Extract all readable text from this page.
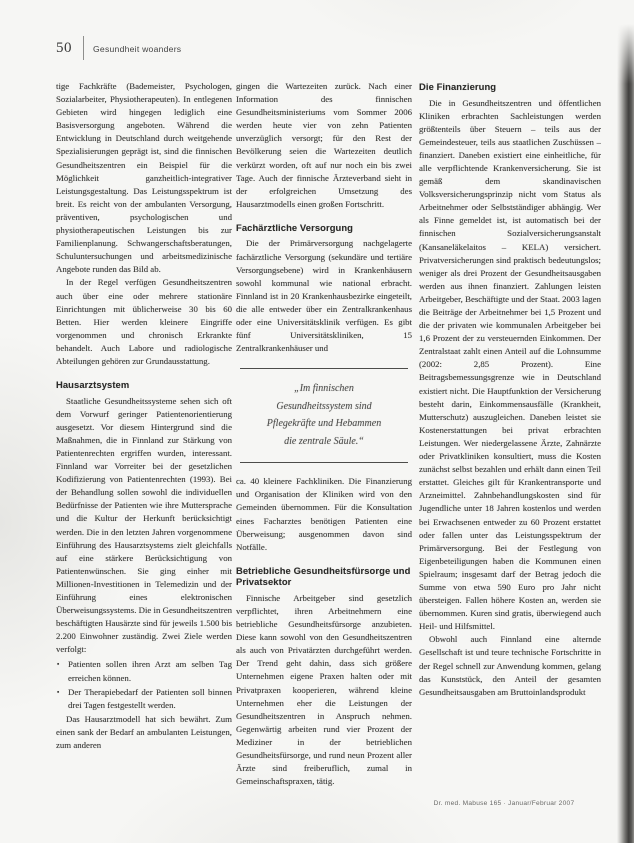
50 Gesundheit woanders

tige Fachkräfte (Bademeister, Psychologen, Sozialarbeiter, Physiotherapeuten). In entlegenen Gebieten wird hingegen lediglich eine Basisversorgung angeboten. Während die Entwicklung in Deutschland durch weitgehende Spezialisierungen geprägt ist, sind die finnischen Gesundheitszentren ein Beispiel für die Möglichkeit ganzheitlich-integrativer Leistungsgestaltung. Das Leistungsspektrum ist breit. Es reicht von der ambulanten Versorgung, präventiven, psychologischen und physiotherapeutischen Leistungen bis zur Familienplanung. Schwangerschaftsberatungen, Schuluntersuchungen und arbeitsmedizinische Angebote runden das Bild ab.

In der Regel verfügen Gesundheitszentren auch über eine oder mehrere stationäre Einrichtungen mit üblicherweise 30 bis 60 Betten. Hier werden kleinere Eingriffe vorgenommen und chronisch Erkrankte behandelt. Auch Labore und radiologische Abteilungen gehören zur Grundausstattung.

Hausarztsystem

Staatliche Gesundheitssysteme sehen sich oft dem Vorwurf geringer Patientenorientierung ausgesetzt. Vor diesem Hintergrund sind die Maßnahmen, die in Finnland zur Stärkung von Patientenrechten ergriffen wurden, interessant. Finnland war Vorreiter bei der gesetzlichen Kodifizierung von Patientenrechten (1993). Bei der Behandlung sollen sowohl die individuellen Bedürfnisse der Patienten wie ihre Muttersprache und die Kultur der Herkunft berücksichtigt werden. Die in den letzten Jahren vorgenommene Einführung des Hausarztsystems zielt gleichfalls auf eine stärkere Berücksichtigung von Patientenwünschen. Sie ging einher mit Millionen-Investitionen in Telemedizin und der Einführung eines elektronischen Überweisungssystems. Die in Gesundheitszentren beschäftigten Hausärzte sind für jeweils 1.500 bis 2.200 Einwohner zuständig. Zwei Ziele werden verfolgt:

▪ Patienten sollen ihren Arzt am selben Tag erreichen können.
▪ Der Therapiebedarf der Patienten soll binnen drei Tagen festgestellt werden.

Das Hausarztmodell hat sich bewährt. Zum einen sank der Bedarf an ambulanten Leistungen, zum anderen

gingen die Wartezeiten zurück. Nach einer Information des finnischen Gesundheitsministeriums vom Sommer 2006 werden heute vier von zehn Patienten unverzüglich versorgt; für den Rest der Bevölkerung seien die Wartezeiten deutlich verkürzt worden, oft auf nur noch ein bis zwei Tage. Auch der finnische Ärzteverband sieht in der erfolgreichen Umsetzung des Hausarztmodells einen großen Fortschritt.

Fachärztliche Versorgung

Die der Primärversorgung nachgelagerte fachärztliche Versorgung (sekundäre und tertiäre Versorgungsebene) wird in Krankenhäusern sowohl kommunal wie national erbracht. Finnland ist in 20 Krankenhausbezirke eingeteilt, die alle entweder über ein Zentralkrankenhaus oder eine Universitätsklinik verfügen. Es gibt fünf Universitätskliniken, 15 Zentralkrankenhäuser und

„Im finnischen
Gesundheitssystem sind
Pflegekräfte und Hebammen
die zentrale Säule.“

ca. 40 kleinere Fachkliniken. Die Finanzierung und Organisation der Kliniken wird von den Gemeinden übernommen. Für die Konsultation eines Facharztes benötigen Patienten eine Überweisung; ausgenommen davon sind Notfälle.

Betriebliche Gesundheitsfürsorge und Privatsektor

Finnische Arbeitgeber sind gesetzlich verpflichtet, ihren Arbeitnehmern eine betriebliche Gesundheitsfürsorge anzubieten. Diese kann sowohl von den Gesundheitszentren als auch von Privatärzten durchgeführt werden. Der Trend geht dahin, dass sich größere Unternehmen eigene Praxen halten oder mit Privatpraxen kooperieren, während kleine Unternehmen eher die Leistungen der Gesundheitszentren in Anspruch nehmen. Gegenwärtig arbeiten rund vier Prozent der Mediziner in der betrieblichen Gesundheitsfürsorge, und rund neun Prozent aller Ärzte sind freiberuflich, zumal in Gemeinschaftspraxen, tätig.

Die Finanzierung

Die in Gesundheitszentren und öffentlichen Kliniken erbrachten Sachleistungen werden größtenteils über Steuern – teils aus der Gemeindesteuer, teils aus staatlichen Zuschüssen – finanziert. Daneben existiert eine einheitliche, für alle verpflichtende Krankenversicherung. Sie ist gemäß dem skandinavischen Volksversicherungsprinzip nicht vom Status als Arbeitnehmer oder Selbstständiger abhängig. Wer als Finne gemeldet ist, ist automatisch bei der finnischen Sozialversicherungsanstalt (Kansaneläkelaitos – KELA) versichert. Privatversicherungen sind praktisch bedeutungslos; weniger als drei Prozent der Gesundheitsausgaben werden aus ihnen finanziert. Zahlungen leisten Arbeitgeber, Beschäftigte und der Staat. 2003 lagen die Beiträge der Arbeitnehmer bei 1,5 Prozent und die der privaten wie kommunalen Arbeitgeber bei 1,6 Prozent der zu versteuernden Einkommen. Der Zentralstaat zahlt einen Anteil auf die Lohnsumme (2002: 2,85 Prozent). Eine Beitragsbemessungsgrenze wie in Deutschland existiert nicht. Die Hauptfunktion der Versicherung besteht darin, Einkommensausfälle (Krankheit, Mutterschutz) auszugleichen. Daneben leistet sie Kostenerstattungen bei privat erbrachten Leistungen. Wer niedergelassene Ärzte, Zahnärzte oder Privatkliniken konsultiert, muss die Kosten zunächst selbst bezahlen und erhält dann einen Teil erstattet. Gleiches gilt für Krankentransporte und Arzneimittel. Zahnbehandlungskosten sind für Jugendliche unter 18 Jahren kostenlos und werden bei Erwachsenen entweder zu 60 Prozent erstattet oder fallen unter das Leistungsspektrum der Primärversorgung. Bei der Festlegung von Eigenbeteiligungen haben die Kommunen einen Spielraum; insgesamt darf der Betrag jedoch die Summe von etwa 590 Euro pro Jahr nicht übersteigen. Fallen höhere Kosten an, werden sie übernommen. Kuren sind gratis, überwiegend auch Heil- und Hilfsmittel.

Obwohl auch Finnland eine alternde Gesellschaft ist und teure technische Fortschritte in der Regel schnell zur Anwendung kommen, gelang das Kunststück, den Anteil der gesamten Gesundheitsausgaben am Bruttoinlandsprodukt

Dr. med. Mabuse 165 · Januar/Februar 2007
